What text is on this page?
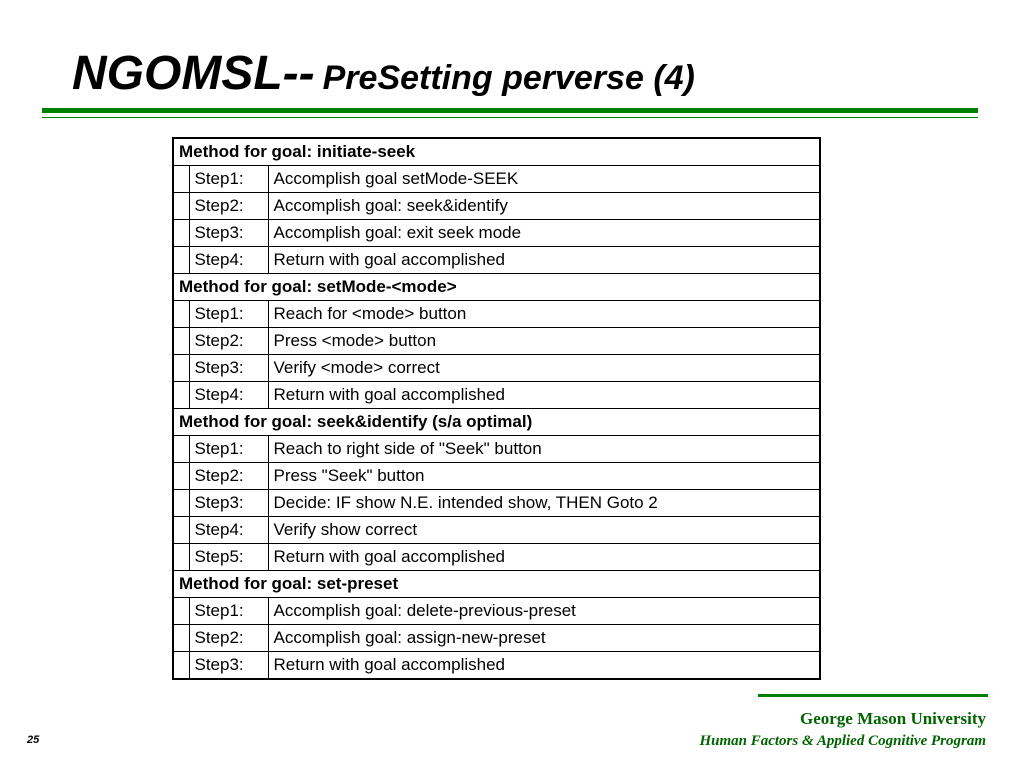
NGOMSL-- PreSetting perverse (4)
Method for goal: initiate-seek		
	Step1:	Accomplish goal setMode-SEEK
	Step2:	Accomplish goal: seek&identify
	Step3:	Accomplish goal: exit seek mode
	Step4:	Return with goal accomplished
Method for goal: setMode-<mode>		
	Step1:	Reach for <mode> button
	Step2:	Press <mode> button
	Step3:	Verify <mode> correct
	Step4:	Return with goal accomplished
Method for goal: seek&identify (s/a optimal)		
	Step1:	Reach to right side of "Seek" button
	Step2:	Press "Seek" button
	Step3:	Decide: IF show N.E. intended show, THEN Goto 2
	Step4:	Verify show correct
	Step5:	Return with goal accomplished
Method for goal: set-preset		
	Step1:	Accomplish goal: delete-previous-preset
	Step2:	Accomplish goal: assign-new-preset
	Step3:	Return with goal accomplished
George Mason University
Human Factors & Applied Cognitive Program
25
